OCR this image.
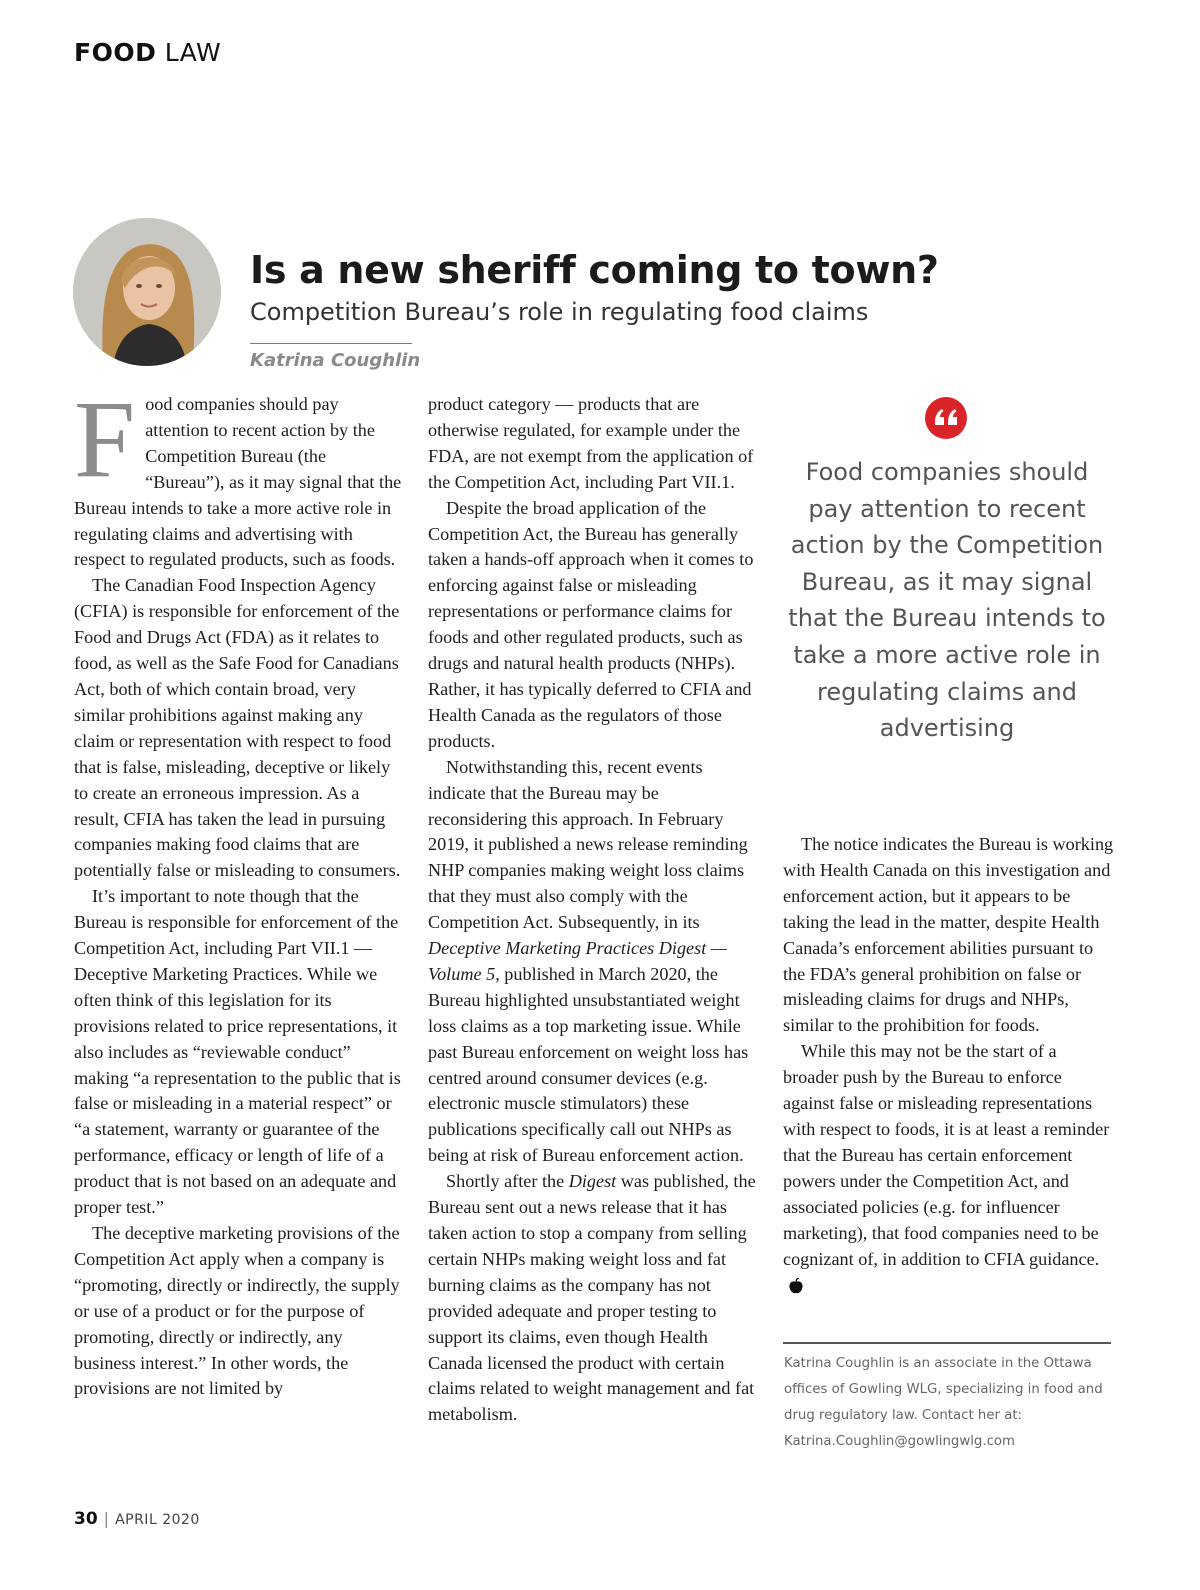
FOOD LAW
Is a new sheriff coming to town?
Competition Bureau’s role in regulating food claims
Katrina Coughlin

Food companies should pay attention to recent action by the Competition Bureau (the “Bureau”), as it may signal that the Bureau intends to take a more active role in regulating claims and advertising with respect to regulated products, such as foods.

The Canadian Food Inspection Agency (CFIA) is responsible for enforcement of the Food and Drugs Act (FDA) as it relates to food, as well as the Safe Food for Canadians Act, both of which contain broad, very similar prohibitions against making any claim or representation with respect to food that is false, misleading, deceptive or likely to create an erroneous impression. As a result, CFIA has taken the lead in pursuing companies making food claims that are potentially false or misleading to consumers.

It’s important to note though that the Bureau is responsible for enforcement of the Competition Act, including Part VII.1 — Deceptive Marketing Practices. While we often think of this legislation for its provisions related to price representations, it also includes as “reviewable conduct” making “a representation to the public that is false or misleading in a material respect” or “a statement, warranty or guarantee of the performance, efficacy or length of life of a product that is not based on an adequate and proper test.”

The deceptive marketing provisions of the Competition Act apply when a company is “promoting, directly or indirectly, the supply or use of a product or for the purpose of promoting, directly or indirectly, any business interest.” In other words, the provisions are not limited by

product category — products that are otherwise regulated, for example under the FDA, are not exempt from the application of the Competition Act, including Part VII.1.

Despite the broad application of the Competition Act, the Bureau has generally taken a hands-off approach when it comes to enforcing against false or misleading representations or performance claims for foods and other regulated products, such as drugs and natural health products (NHPs). Rather, it has typically deferred to CFIA and Health Canada as the regulators of those products.

Notwithstanding this, recent events indicate that the Bureau may be reconsidering this approach. In February 2019, it published a news release reminding NHP companies making weight loss claims that they must also comply with the Competition Act. Subsequently, in its Deceptive Marketing Practices Digest — Volume 5, published in March 2020, the Bureau highlighted unsubstantiated weight loss claims as a top marketing issue. While past Bureau enforcement on weight loss has centred around consumer devices (e.g. electronic muscle stimulators) these publications specifically call out NHPs as being at risk of Bureau enforcement action.

Shortly after the Digest was published, the Bureau sent out a news release that it has taken action to stop a company from selling certain NHPs making weight loss and fat burning claims as the company has not provided adequate and proper testing to support its claims, even though Health Canada licensed the product with certain claims related to weight management and fat metabolism.

Food companies should pay attention to recent action by the Competition Bureau, as it may signal that the Bureau intends to take a more active role in regulating claims and advertising

The notice indicates the Bureau is working with Health Canada on this investigation and enforcement action, but it appears to be taking the lead in the matter, despite Health Canada’s enforcement abilities pursuant to the FDA’s general prohibition on false or misleading claims for drugs and NHPs, similar to the prohibition for foods.

While this may not be the start of a broader push by the Bureau to enforce against false or misleading representations with respect to foods, it is at least a reminder that the Bureau has certain enforcement powers under the Competition Act, and associated policies (e.g. for influencer marketing), that food companies need to be cognizant of, in addition to CFIA guidance.

Katrina Coughlin is an associate in the Ottawa offices of Gowling WLG, specializing in food and drug regulatory law. Contact her at: Katrina.Coughlin@gowlingwlg.com
30 | APRIL 2020
